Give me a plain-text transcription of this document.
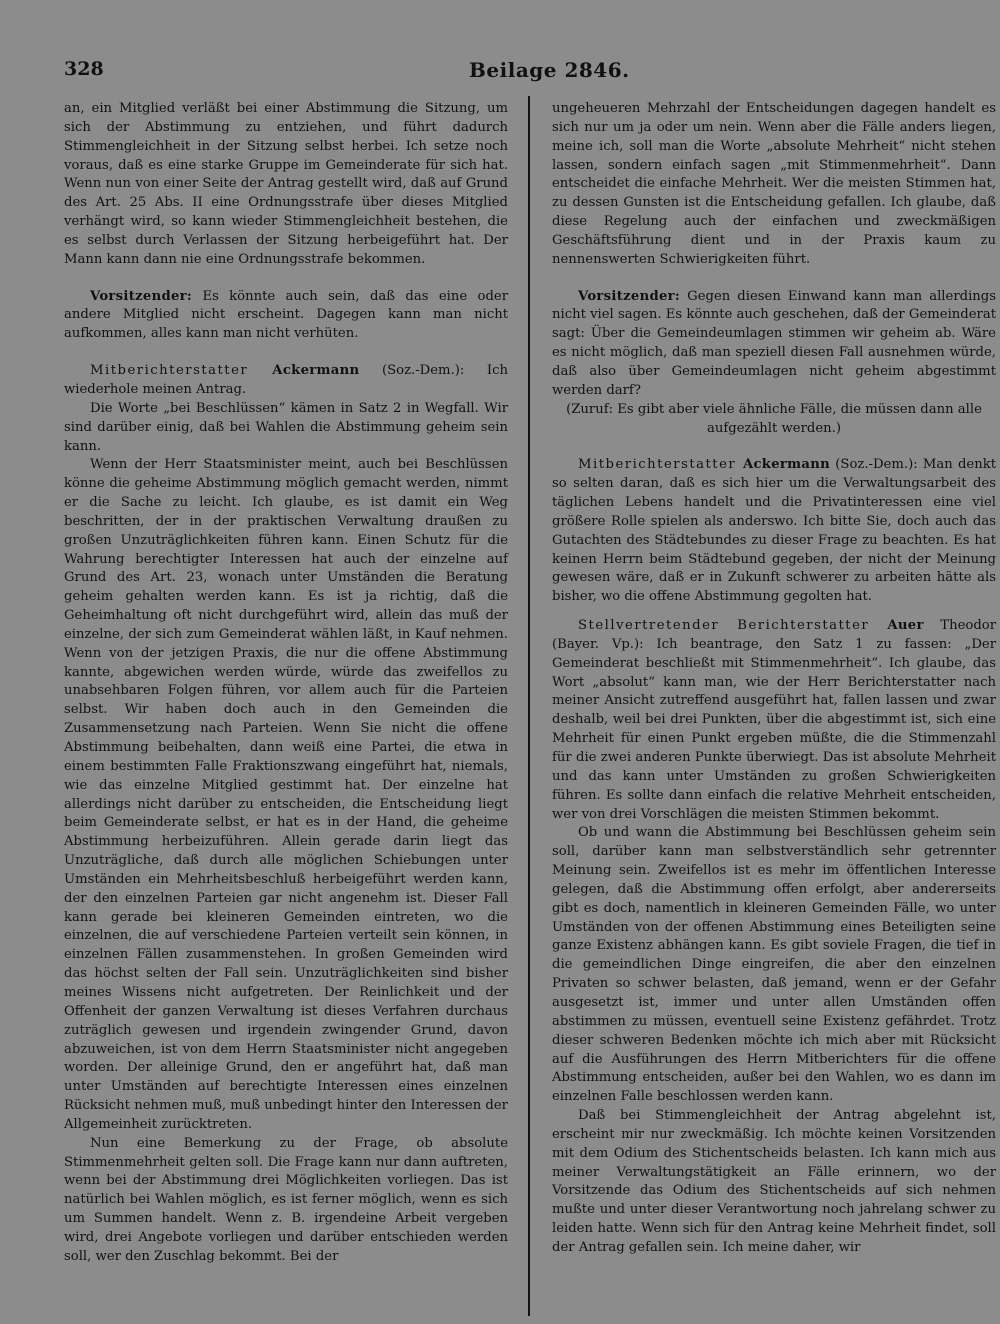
328	Beilage 2846.

an, ein Mitglied verläßt bei einer Abstimmung die Sitzung, um sich der Abstimmung zu entziehen, und führt dadurch Stimmengleichheit in der Sitzung selbst herbei. Ich setze noch voraus, daß es eine starke Gruppe im Gemeinderate für sich hat. Wenn nun von einer Seite der Antrag gestellt wird, daß auf Grund des Art. 25 Abs. II eine Ordnungsstrafe über dieses Mitglied verhängt wird, so kann wieder Stimmengleichheit bestehen, die es selbst durch Verlassen der Sitzung herbeigeführt hat. Der Mann kann dann nie eine Ordnungsstrafe bekommen.

Vorsitzender: Es könnte auch sein, daß das eine oder andere Mitglied nicht erscheint. Dagegen kann man nicht aufkommen, alles kann man nicht verhüten.

Mitberichterstatter Ackermann (Soz.-Dem.): Ich wiederhole meinen Antrag.

Die Worte „bei Beschlüssen“ kämen in Satz 2 in Wegfall. Wir sind darüber einig, daß bei Wahlen die Abstimmung geheim sein kann.

Wenn der Herr Staatsminister meint, auch bei Beschlüssen könne die geheime Abstimmung möglich gemacht werden, nimmt er die Sache zu leicht. Ich glaube, es ist damit ein Weg beschritten, der in der praktischen Verwaltung draußen zu großen Unzuträglichkeiten führen kann. Einen Schutz für die Wahrung berechtigter Interessen hat auch der einzelne auf Grund des Art. 23, wonach unter Umständen die Beratung geheim gehalten werden kann. Es ist ja richtig, daß die Geheimhaltung oft nicht durchgeführt wird, allein das muß der einzelne, der sich zum Gemeinderat wählen läßt, in Kauf nehmen. Wenn von der jetzigen Praxis, die nur die offene Abstimmung kannte, abgewichen werden würde, würde das zweifellos zu unabsehbaren Folgen führen, vor allem auch für die Parteien selbst. Wir haben doch auch in den Gemeinden die Zusammensetzung nach Parteien. Wenn Sie nicht die offene Abstimmung beibehalten, dann weiß eine Partei, die etwa in einem bestimmten Falle Fraktionszwang eingeführt hat, niemals, wie das einzelne Mitglied gestimmt hat. Der einzelne hat allerdings nicht darüber zu entscheiden, die Entscheidung liegt beim Gemeinderate selbst, er hat es in der Hand, die geheime Abstimmung herbeizuführen. Allein gerade darin liegt das Unzuträgliche, daß durch alle möglichen Schiebungen unter Umständen ein Mehrheitsbeschluß herbeigeführt werden kann, der den einzelnen Parteien gar nicht angenehm ist. Dieser Fall kann gerade bei kleineren Gemeinden eintreten, wo die einzelnen, die auf verschiedene Parteien verteilt sein können, in einzelnen Fällen zusammenstehen. In großen Gemeinden wird das höchst selten der Fall sein. Unzuträglichkeiten sind bisher meines Wissens nicht aufgetreten. Der Reinlichkeit und der Offenheit der ganzen Verwaltung ist dieses Verfahren durchaus zuträglich gewesen und irgendein zwingender Grund, davon abzuweichen, ist von dem Herrn Staatsminister nicht angegeben worden. Der alleinige Grund, den er angeführt hat, daß man unter Umständen auf berechtigte Interessen eines einzelnen Rücksicht nehmen muß, muß unbedingt hinter den Interessen der Allgemeinheit zurücktreten.

Nun eine Bemerkung zu der Frage, ob absolute Stimmenmehrheit gelten soll. Die Frage kann nur dann auftreten, wenn bei der Abstimmung drei Möglichkeiten vorliegen. Das ist natürlich bei Wahlen möglich, es ist ferner möglich, wenn es sich um Summen handelt. Wenn z. B. irgendeine Arbeit vergeben wird, drei Angebote vorliegen und darüber entschieden werden soll, wer den Zuschlag bekommt. Bei der

ungeheueren Mehrzahl der Entscheidungen dagegen handelt es sich nur um ja oder um nein. Wenn aber die Fälle anders liegen, meine ich, soll man die Worte „absolute Mehrheit“ nicht stehen lassen, sondern einfach sagen „mit Stimmenmehrheit“. Dann entscheidet die einfache Mehrheit. Wer die meisten Stimmen hat, zu dessen Gunsten ist die Entscheidung gefallen. Ich glaube, daß diese Regelung auch der einfachen und zweckmäßigen Geschäftsführung dient und in der Praxis kaum zu nennenswerten Schwierigkeiten führt.

Vorsitzender: Gegen diesen Einwand kann man allerdings nicht viel sagen. Es könnte auch geschehen, daß der Gemeinderat sagt: Über die Gemeindeumlagen stimmen wir geheim ab. Wäre es nicht möglich, daß man speziell diesen Fall ausnehmen würde, daß also über Gemeindeumlagen nicht geheim abgestimmt werden darf?

(Zuruf: Es gibt aber viele ähnliche Fälle, die müssen dann alle aufgezählt werden.)

Mitberichterstatter Ackermann (Soz.-Dem.): Man denkt so selten daran, daß es sich hier um die Verwaltungsarbeit des täglichen Lebens handelt und die Privatinteressen eine viel größere Rolle spielen als anderswo. Ich bitte Sie, doch auch das Gutachten des Städtebundes zu dieser Frage zu beachten. Es hat keinen Herrn beim Städtebund gegeben, der nicht der Meinung gewesen wäre, daß er in Zukunft schwerer zu arbeiten hätte als bisher, wo die offene Abstimmung gegolten hat.

Stellvertretender Berichterstatter Auer Theodor (Bayer. Vp.): Ich beantrage, den Satz 1 zu fassen: „Der Gemeinderat beschließt mit Stimmenmehrheit“. Ich glaube, das Wort „absolut“ kann man, wie der Herr Berichterstatter nach meiner Ansicht zutreffend ausgeführt hat, fallen lassen und zwar deshalb, weil bei drei Punkten, über die abgestimmt ist, sich eine Mehrheit für einen Punkt ergeben müßte, die die Stimmenzahl für die zwei anderen Punkte überwiegt. Das ist absolute Mehrheit und das kann unter Umständen zu großen Schwierigkeiten führen. Es sollte dann einfach die relative Mehrheit entscheiden, wer von drei Vorschlägen die meisten Stimmen bekommt.

Ob und wann die Abstimmung bei Beschlüssen geheim sein soll, darüber kann man selbstverständlich sehr getrennter Meinung sein. Zweifellos ist es mehr im öffentlichen Interesse gelegen, daß die Abstimmung offen erfolgt, aber andererseits gibt es doch, namentlich in kleineren Gemeinden Fälle, wo unter Umständen von der offenen Abstimmung eines Beteiligten seine ganze Existenz abhängen kann. Es gibt soviele Fragen, die tief in die gemeindlichen Dinge eingreifen, die aber den einzelnen Privaten so schwer belasten, daß jemand, wenn er der Gefahr ausgesetzt ist, immer und unter allen Umständen offen abstimmen zu müssen, eventuell seine Existenz gefährdet. Trotz dieser schweren Bedenken möchte ich mich aber mit Rücksicht auf die Ausführungen des Herrn Mitberichters für die offene Abstimmung entscheiden, außer bei den Wahlen, wo es dann im einzelnen Falle beschlossen werden kann.

Daß bei Stimmengleichheit der Antrag abgelehnt ist, erscheint mir nur zweckmäßig. Ich möchte keinen Vorsitzenden mit dem Odium des Stichentscheids belasten. Ich kann mich aus meiner Verwaltungstätigkeit an Fälle erinnern, wo der Vorsitzende das Odium des Stichentscheids auf sich nehmen mußte und unter dieser Verantwortung noch jahrelang schwer zu leiden hatte. Wenn sich für den Antrag keine Mehrheit findet, soll der Antrag gefallen sein. Ich meine daher, wir
